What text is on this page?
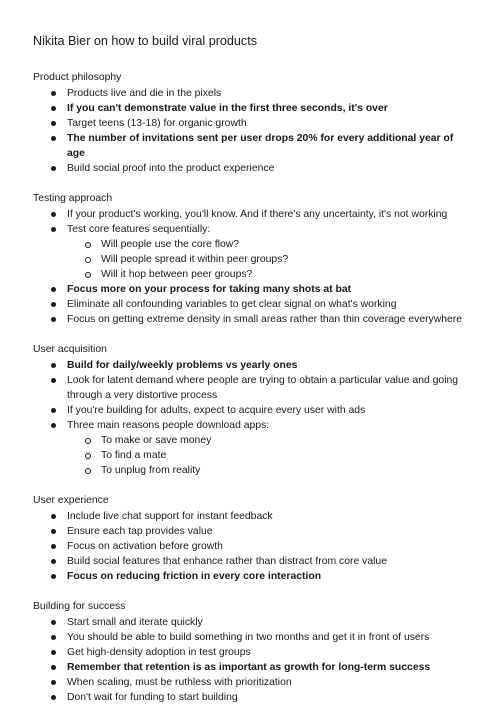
Nikita Bier on how to build viral products
Product philosophy
Products live and die in the pixels
If you can't demonstrate value in the first three seconds, it's over
Target teens (13-18) for organic growth
The number of invitations sent per user drops 20% for every additional year of age
Build social proof into the product experience
Testing approach
If your product's working, you'll know. And if there's any uncertainty, it's not working
Test core features sequentially:
Will people use the core flow?
Will people spread it within peer groups?
Will it hop between peer groups?
Focus more on your process for taking many shots at bat
Eliminate all confounding variables to get clear signal on what's working
Focus on getting extreme density in small areas rather than thin coverage everywhere
User acquisition
Build for daily/weekly problems vs yearly ones
Look for latent demand where people are trying to obtain a particular value and going through a very distortive process
If you're building for adults, expect to acquire every user with ads
Three main reasons people download apps:
To make or save money
To find a mate
To unplug from reality
User experience
Include live chat support for instant feedback
Ensure each tap provides value
Focus on activation before growth
Build social features that enhance rather than distract from core value
Focus on reducing friction in every core interaction
Building for success
Start small and iterate quickly
You should be able to build something in two months and get it in front of users
Get high-density adoption in test groups
Remember that retention is as important as growth for long-term success
When scaling, must be ruthless with prioritization
Don't wait for funding to start building
